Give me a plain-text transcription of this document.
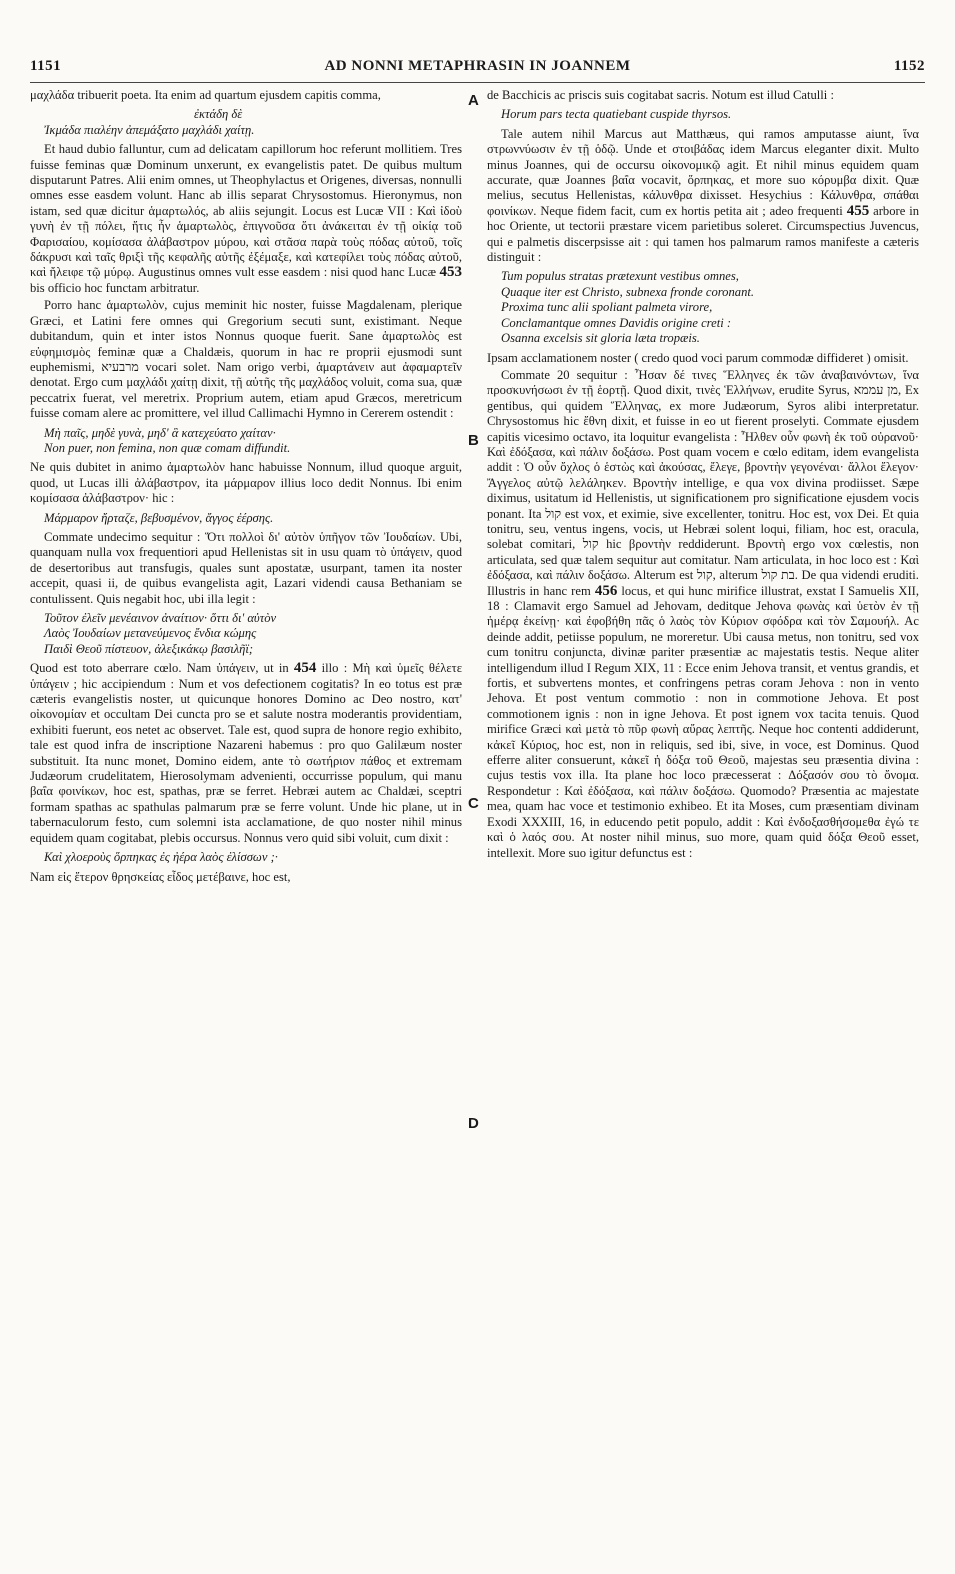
1151	AD NONNI METAPHRASIN IN JOANNEM	1152
A
B
C
D

μαχλάδα tribuerit poeta. Ita enim ad quartum ejusdem capitis comma,

ἐκτάδη δὲ
Ἰκμάδα πιαλέην ἀπεμάξατο μαχλάδι χαίτῃ.

Et haud dubio falluntur, cum ad delicatam capillorum hoc referunt mollitiem. Tres fuisse feminas quæ Dominum unxerunt, ex evangelistis patet. De quibus multum disputarunt Patres. Alii enim omnes, ut Theophylactus et Origenes, diversas, nonnulli omnes esse easdem volunt. Hanc ab illis separat Chrysostomus. Hieronymus, non istam, sed quæ dicitur ἁμαρτωλός, ab aliis sejungit. Locus est Lucæ VII : Καὶ ἰδοὺ γυνὴ ἐν τῇ πόλει, ἥτις ἦν ἁμαρτωλὸς, ἐπιγνοῦσα ὅτι ἀνάκειται ἐν τῇ οἰκίᾳ τοῦ Φαρισαίου, κομίσασα ἀλάβαστρον μύρου, καὶ στᾶσα παρὰ τοὺς πόδας αὐτοῦ, τοῖς δάκρυσι καὶ ταῖς θριξὶ τῆς κεφαλῆς αὐτῆς ἐξέμαξε, καὶ κατεφίλει τοὺς πόδας αὐτοῦ, καὶ ἤλειφε τῷ μύρῳ. Augustinus omnes vult esse easdem : nisi quod hanc Lucæ 453 bis officio hoc functam arbitratur.

Porro hanc ἁμαρτωλὸν, cujus meminit hic noster, fuisse Magdalenam, plerique Græci, et Latini fere omnes qui Gregorium secuti sunt, existimant. Neque dubitandum, quin et inter istos Nonnus quoque fuerit. Sane ἁμαρτωλὸς est εὐφημισμὸς feminæ quæ a Chaldæis, quorum in hac re proprii ejusmodi sunt euphemismi, מרבעיא vocari solet. Nam origo verbi, ἁμαρτάνειν aut ἀφαμαρτεῖν denotat. Ergo cum μαχλάδι χαίτῃ dixit, τῇ αὐτῆς τῆς μαχλάδος voluit, coma sua, quæ peccatrix fuerat, vel meretrix. Proprium autem, etiam apud Græcos, meretricum fuisse comam alere ac promittere, vel illud Callimachi Hymno in Cererem ostendit :

Μὴ παῖς, μηδὲ γυνὰ, μηδ' ἃ κατεχεύατο χαίταν·
Non puer, non femina, non quæ comam diffundit.

Ne quis dubitet in animo ἁμαρτωλὸν hanc habuisse Nonnum, illud quoque arguit, quod, ut Lucas illi ἀλάβαστρον, ita μάρμαρον illius loco dedit Nonnus. Ibi enim κομίσασα ἀλάβαστρον· hic :

Μάρμαρον ἤρταζε, βεβυσμένον, ἄγγος ἐέρσης.

Commate undecimo sequitur : Ὅτι πολλοὶ δι' αὐτὸν ὑπῆγον τῶν Ἰουδαίων. Ubi, quanquam nulla vox frequentiori apud Hellenistas sit in usu quam τὸ ὑπάγειν, quod de desertoribus aut transfugis, quales sunt apostatæ, usurpant, tamen ita noster accepit, quasi ii, de quibus evangelista agit, Lazari videndi causa Bethaniam se contulissent. Quis negabit hoc, ubi illa legit :

Τοῦτον ἐλεῖν μενέαινον ἀναίτιον· ὅττι δι' αὐτὸν
Λαὸς Ἰουδαίων μετανεύμενος ἔνδια κώμης
Παιδὶ Θεοῦ πίστευον, ἀλεξικάκῳ βασιλῆϊ;

Quod est toto aberrare cœlo. Nam ὑπάγειν, ut in 454 illo : Μὴ καὶ ὑμεῖς θέλετε ὑπάγειν ; hic accipiendum : Num et vos defectionem cogitatis? In eo totus est præ cæteris evangelistis noster, ut quicunque honores Domino ac Deo nostro, κατ' οἰκονομίαν et occultam Dei cuncta pro se et salute nostra moderantis providentiam, exhibiti fuerunt, eos netet ac observet. Tale est, quod supra de honore regio exhibito, tale est quod infra de inscriptione Nazareni habemus : pro quo Galilæum noster substituit. Ita nunc monet, Domino eidem, ante τὸ σωτήριον πάθος et extremam Judæorum crudelitatem, Hierosolymam advenienti, occurrisse populum, qui manu βαΐα φοινίκων, hoc est, spathas, præ se ferret. Hebræi autem ac Chaldæi, sceptri formam spathas ac spathulas palmarum præ se ferre volunt. Unde hic plane, ut in tabernaculorum festo, cum solemni ista acclamatione, de quo noster nihil minus equidem quam cogitabat, plebis occursus. Nonnus vero quid sibi voluit, cum dixit :

Καὶ χλοεροὺς ὅρπηκας ἐς ἠέρα λαὸς ἐλίσσων ;·

Nam εἰς ἕτερον θρησκείας εἶδος μετέβαινε, hoc est,

de Bacchicis ac priscis suis cogitabat sacris. Notum est illud Catulli :

Horum pars tecta quatiebant cuspide thyrsos.

Tale autem nihil Marcus aut Matthæus, qui ramos amputasse aiunt, ἵνα στρωννύωσιν ἐν τῇ ὁδῷ. Unde et στοιβάδας idem Marcus eleganter dixit. Multo minus Joannes, qui de occursu οἰκονομικῷ agit. Et nihil minus equidem quam accurate, quæ Joannes βαΐα vocavit, ὅρπηκας, et more suo κόρυμβα dixit. Quæ melius, secutus Hellenistas, κάλυνθρα dixisset. Hesychius : Κάλυνθρα, σπάθαι φοινίκων. Neque fidem facit, cum ex hortis petita ait ; adeo frequenti 455 arbore in hoc Oriente, ut tectorii præstare vicem parietibus soleret. Circumspectius Juvencus, qui e palmetis discerpsisse ait : qui tamen hos palmarum ramos manifeste a cæteris distinguit :

Tum populus stratas prætexunt vestibus omnes,
Quaque iter est Christo, subnexa fronde coronant.
Proxima tunc alii spoliant palmeta virore,
Conclamantque omnes Davidis origine creti :
Osanna excelsis sit gloria læta tropæis.

Ipsam acclamationem noster ( credo quod voci parum commodæ diffideret ) omisit.

Commate 20 sequitur : Ἦσαν δέ τινες Ἕλληνες ἐκ τῶν ἀναβαινόντων, ἵνα προσκυνήσωσι ἐν τῇ ἑορτῇ. Quod dixit, τινὲς Ἑλλήνων, erudite Syrus, מן עממא, Ex gentibus, qui quidem Ἕλληνας, ex more Judæorum, Syros alibi interpretatur. Chrysostomus hic ἔθνη dixit, et fuisse in eo ut fierent proselyti. Commate ejusdem capitis vicesimo octavo, ita loquitur evangelista : Ἦλθεν οὖν φωνὴ ἐκ τοῦ οὐρανοῦ· Καὶ ἐδόξασα, καὶ πάλιν δοξάσω. Post quam vocem e cœlo editam, idem evangelista addit : Ὁ οὖν ὄχλος ὁ ἑστὼς καὶ ἀκούσας, ἔλεγε, βροντὴν γεγονέναι· ἄλλοι ἔλεγον· Ἄγγελος αὐτῷ λελάληκεν. Βροντὴν intellige, e qua vox divina prodiisset. Sæpe diximus, usitatum id Hellenistis, ut significationem pro significatione ejusdem vocis ponant. Ita קול est vox, et eximie, sive excellenter, tonitru. Hoc est, vox Dei. Et quia tonitru, seu, ventus ingens, vocis, ut Hebræi solent loqui, filiam, hoc est, oracula, solebat comitari, קול hic βροντὴν reddiderunt. Βροντὴ ergo vox cœlestis, non articulata, sed quæ talem sequitur aut comitatur. Nam articulata, in hoc loco est : Καὶ ἐδόξασα, καὶ πάλιν δοξάσω. Alterum est קול, alterum בת קול. De qua videndi eruditi. Illustris in hanc rem 456 locus, et qui hunc mirifice illustrat, exstat I Samuelis XII, 18 : Clamavit ergo Samuel ad Jehovam, deditque Jehova φωνὰς καὶ ὑετὸν ἐν τῇ ἡμέρᾳ ἐκείνῃ· καὶ ἐφοβήθη πᾶς ὁ λαὸς τὸν Κύριον σφόδρα καὶ τὸν Σαμουήλ. Ac deinde addit, petiisse populum, ne moreretur. Ubi causa metus, non tonitru, sed vox cum tonitru conjuncta, divinæ pariter præsentiæ ac majestatis testis. Neque aliter intelligendum illud I Regum XIX, 11 : Ecce enim Jehova transit, et ventus grandis, et fortis, et subvertens montes, et confringens petras coram Jehova : non in vento Jehova. Et post ventum commotio : non in commotione Jehova. Et post commotionem ignis : non in igne Jehova. Et post ignem vox tacita tenuis. Quod mirifice Græci καὶ μετὰ τὸ πῦρ φωνὴ αὔρας λεπτῆς. Neque hoc contenti addiderunt, κἀκεῖ Κύριος, hoc est, non in reliquis, sed ibi, sive, in voce, est Dominus. Quod efferre aliter consuerunt, κἀκεῖ ἡ δόξα τοῦ Θεοῦ, majestas seu præsentia divina : cujus testis vox illa. Ita plane hoc loco præcesserat : Δόξασόν σου τὸ ὄνομα. Respondetur : Καὶ ἐδόξασα, καὶ πάλιν δοξάσω. Quomodo? Præsentia ac majestate mea, quam hac voce et testimonio exhibeo. Et ita Moses, cum præsentiam divinam Exodi XXXIII, 16, in educendo petit populo, addit : Καὶ ἐνδοξασθήσομεθα ἐγώ τε καὶ ὁ λαός σου. At noster nihil minus, suo more, quam quid δόξα Θεοῦ esset, intellexit. More suo igitur defunctus est :
